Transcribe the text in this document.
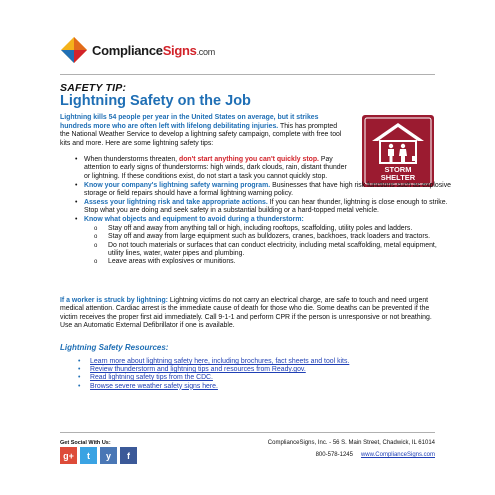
ComplianceSigns.com
SAFETY TIP:
Lightning Safety on the Job
Lightning kills 54 people per year in the United States on average, but it strikes hundreds more who are often left with lifelong debilitating injuries. This has prompted the National Weather Service to develop a lightning safety campaign, complete with free tool kits and more. Here are some lightning safety tips:
STORM
SHELTER
• When thunderstorms threaten, don't start anything you can't quickly stop. Pay attention to early signs of thunderstorms: high winds, dark clouds, rain, distant thunder or lightning. If these conditions exist, do not start a task you cannot quickly stop.
• Know your company's lightning safety warning program. Businesses that have high risk functions such as explosive storage or field repairs should have a formal lightning warning policy.
• Assess your lightning risk and take appropriate actions. If you can hear thunder, lightning is close enough to strike. Stop what you are doing and seek safety in a substantial building or a hard-topped metal vehicle.
• Know what objects and equipment to avoid during a thunderstorm:
o Stay off and away from anything tall or high, including rooftops, scaffolding, utility poles and ladders.
o Stay off and away from large equipment such as bulldozers, cranes, backhoes, track loaders and tractors.
o Do not touch materials or surfaces that can conduct electricity, including metal scaffolding, metal equipment, utility lines, water, water pipes and plumbing.
o Leave areas with explosives or munitions.
If a worker is struck by lightning: Lightning victims do not carry an electrical charge, are safe to touch and need urgent medical attention. Cardiac arrest is the immediate cause of death for those who die. Some deaths can be prevented if the victim receives the proper first aid immediately. Call 9-1-1 and perform CPR if the person is unresponsive or not breathing. Use an Automatic External Defibrillator if one is available.
Lightning Safety Resources:
• Learn more about lightning safety here, including brochures, fact sheets and tool kits.
• Review thunderstorm and lightning tips and resources from Ready.gov.
• Read lightning safety tips from the CDC.
• Browse severe weather safety signs here.
Get Social With Us:
g+	t	y	f
ComplianceSigns, Inc. - 56 S. Main Street, Chadwick, IL 61014
800-578-1245 www.ComplianceSigns.com
